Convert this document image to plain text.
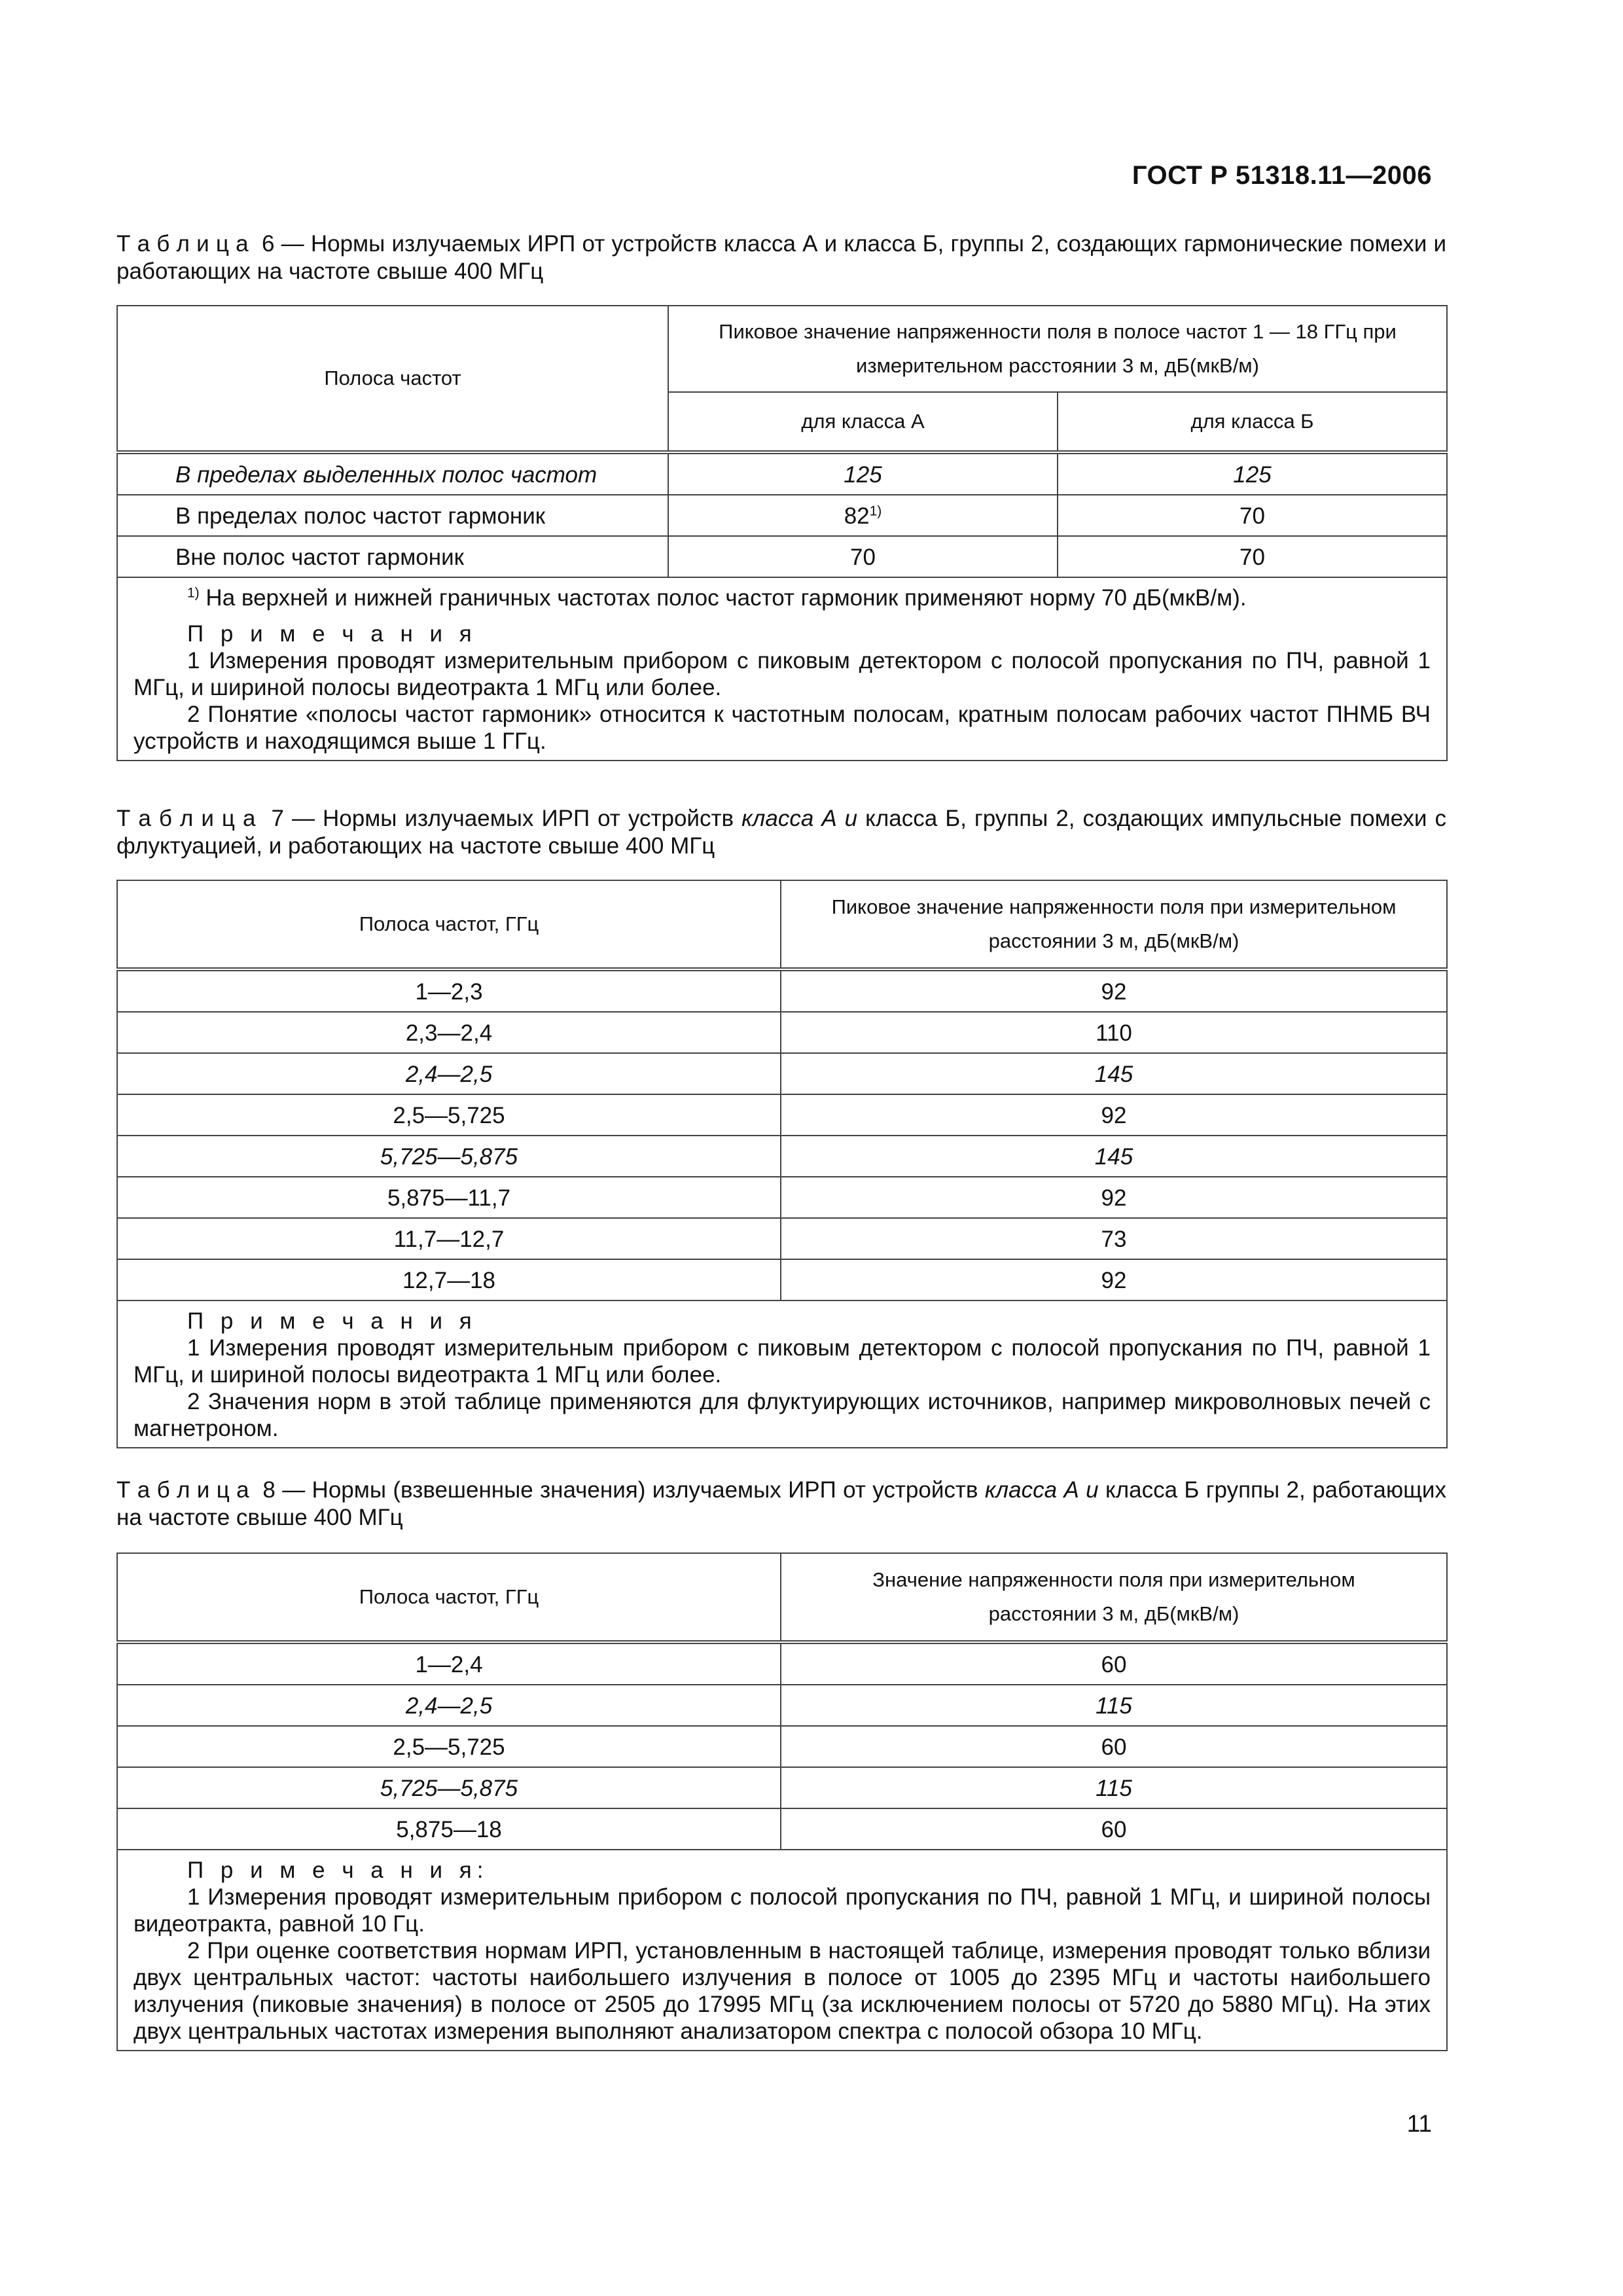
ГОСТ Р 51318.11—2006
Т а б л и ц а 6 — Нормы излучаемых ИРП от устройств класса А и класса Б, группы 2, создающих гармонические помехи и работающих на частоте свыше 400 МГц
Полоса частот	Пиковое значение напряженности поля в полосе частот 1 — 18 ГГц при
измерительном расстоянии 3 м, дБ(мкВ/м)	

	для класса А	для класса Б
В пределах выделенных полос частот	125	125
В пределах полос частот гармоник	82$^{1)}$	70
Вне полос частот гармоник	70	70

$^{1)}$ На верхней и нижней граничных частотах полос частот гармоник применяют норму 70 дБ(мкВ/м).

П р и м е ч а н и я

1 Измерения проводят измерительным прибором с пиковым детектором с полосой пропускания по ПЧ, равной 1 МГц, и шириной полосы видеотракта 1 МГц или более.

2 Понятие «полосы частот гармоник» относится к частотным полосам, кратным полосам рабочих частот ПНМБ ВЧ устройств и находящимся выше 1 ГГц.		

Т а б л и ц а 7 — Нормы излучаемых ИРП от устройств класса А и класса Б, группы 2, создающих импульсные помехи с флуктуацией, и работающих на частоте свыше 400 МГц
Полоса частот, ГГц	Пиковое значение напряженности поля при измерительном
расстоянии 3 м, дБ(мкВ/м)

1—2,3	92
2,3—2,4	110
2,4—2,5	145
2,5—5,725	92
5,725—5,875	145
5,875—11,7	92
11,7—12,7	73
12,7—18	92

П р и м е ч а н и я

1 Измерения проводят измерительным прибором с пиковым детектором с полосой пропускания по ПЧ, равной 1 МГц, и шириной полосы видеотракта 1 МГц или более.

2 Значения норм в этой таблице применяются для флуктуирующих источников, например микроволновых печей с магнетроном.	

Т а б л и ц а 8 — Нормы (взвешенные значения) излучаемых ИРП от устройств класса А и класса Б группы 2, работающих на частоте свыше 400 МГц
Полоса частот, ГГц	Значение напряженности поля при измерительном
расстоянии 3 м, дБ(мкВ/м)

1—2,4	60
2,4—2,5	115
2,5—5,725	60
5,725—5,875	115
5,875—18	60

П р и м е ч а н и я:

1 Измерения проводят измерительным прибором с полосой пропускания по ПЧ, равной 1 МГц, и шириной полосы видеотракта, равной 10 Гц.

2 При оценке соответствия нормам ИРП, установленным в настоящей таблице, измерения проводят только вблизи двух центральных частот: частоты наибольшего излучения в полосе от 1005 до 2395 МГц и частоты наибольшего излучения (пиковые значения) в полосе от 2505 до 17995 МГц (за исключением полосы от 5720 до 5880 МГц). На этих двух центральных частотах измерения выполняют анализатором спектра с полосой обзора 10 МГц.	

11
